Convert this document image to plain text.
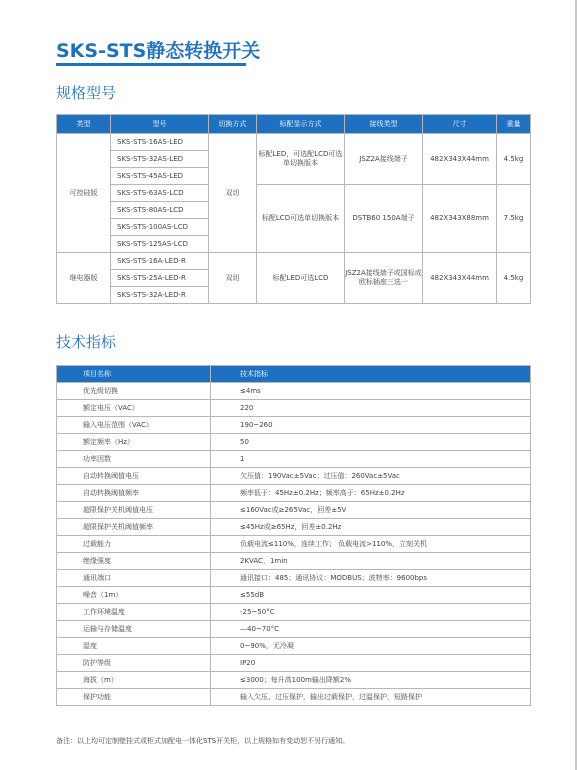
SKS-STS静态转换开关
规格型号
类型	型号	切换方式	标配显示方式	接线类型	尺寸	重量
可控硅版	SKS-STS-16AS-LED	双切	标配LED，可选配LCD可选单切换版本	JSZ2A接线端子	482X343X44mm	4.5kg
	SKS-STS-32AS-LED					
	SKS-STS-45AS-LED					
	SKS-STS-63AS-LCD		标配LCD可选单切换版本	DSTB60 150A端子	482X343X88mm	7.5kg
	SKS-STS-80AS-LCD					
	SKS-STS-100AS-LCD					
	SKS-STS-125AS-LCD					
继电器版	SKS-STS-16A-LED-R	双切	标配LED可选LCD	JSZ2A接线端子或国标或欧标插座三选一	482X343X44mm	4.5kg
	SKS-STS-25A-LED-R					
	SKS-STS-32A-LED-R					
技术指标
项目名称	技术指标
优先级切换	≤4ms
额定电压（VAC）	220
输入电压范围（VAC）	190~260
额定频率（Hz）	50
功率因数	1
自动转换阈值电压	欠压值：190Vac±5Vac；过压值：260Vac±5Vac
自动转换阈值频率	频率低于：45Hz±0.2Hz；频率高于：65Hz±0.2Hz
超限保护关机阈值电压	≤160Vac或≥265Vac，回差±5V
超限保护关机阈值频率	≤45Hz或≥65Hz，回差±0.2Hz
过载能力	负载电流≤110%，连续工作； 负载电流>110%，立刻关机
绝缘强度	2KVAC，1min
通讯端口	通讯接口：485；通讯协议：MODBUS；波特率：9600bps
噪音（1m）	≤55dB
工作环境温度	-25~50°C
运输与存储温度	—40~70°C
湿度	0~90%，无冷凝
防护等级	IP20
海拔（m）	≤3000；每升高100m输出降额2%
保护功能	输入欠压、过压保护，输出过载保护，过温保护，短路保护
备注：以上均可定制壁挂式或柜式加配电一体化STS开关柜，以上规格如有变动恕不另行通知。
